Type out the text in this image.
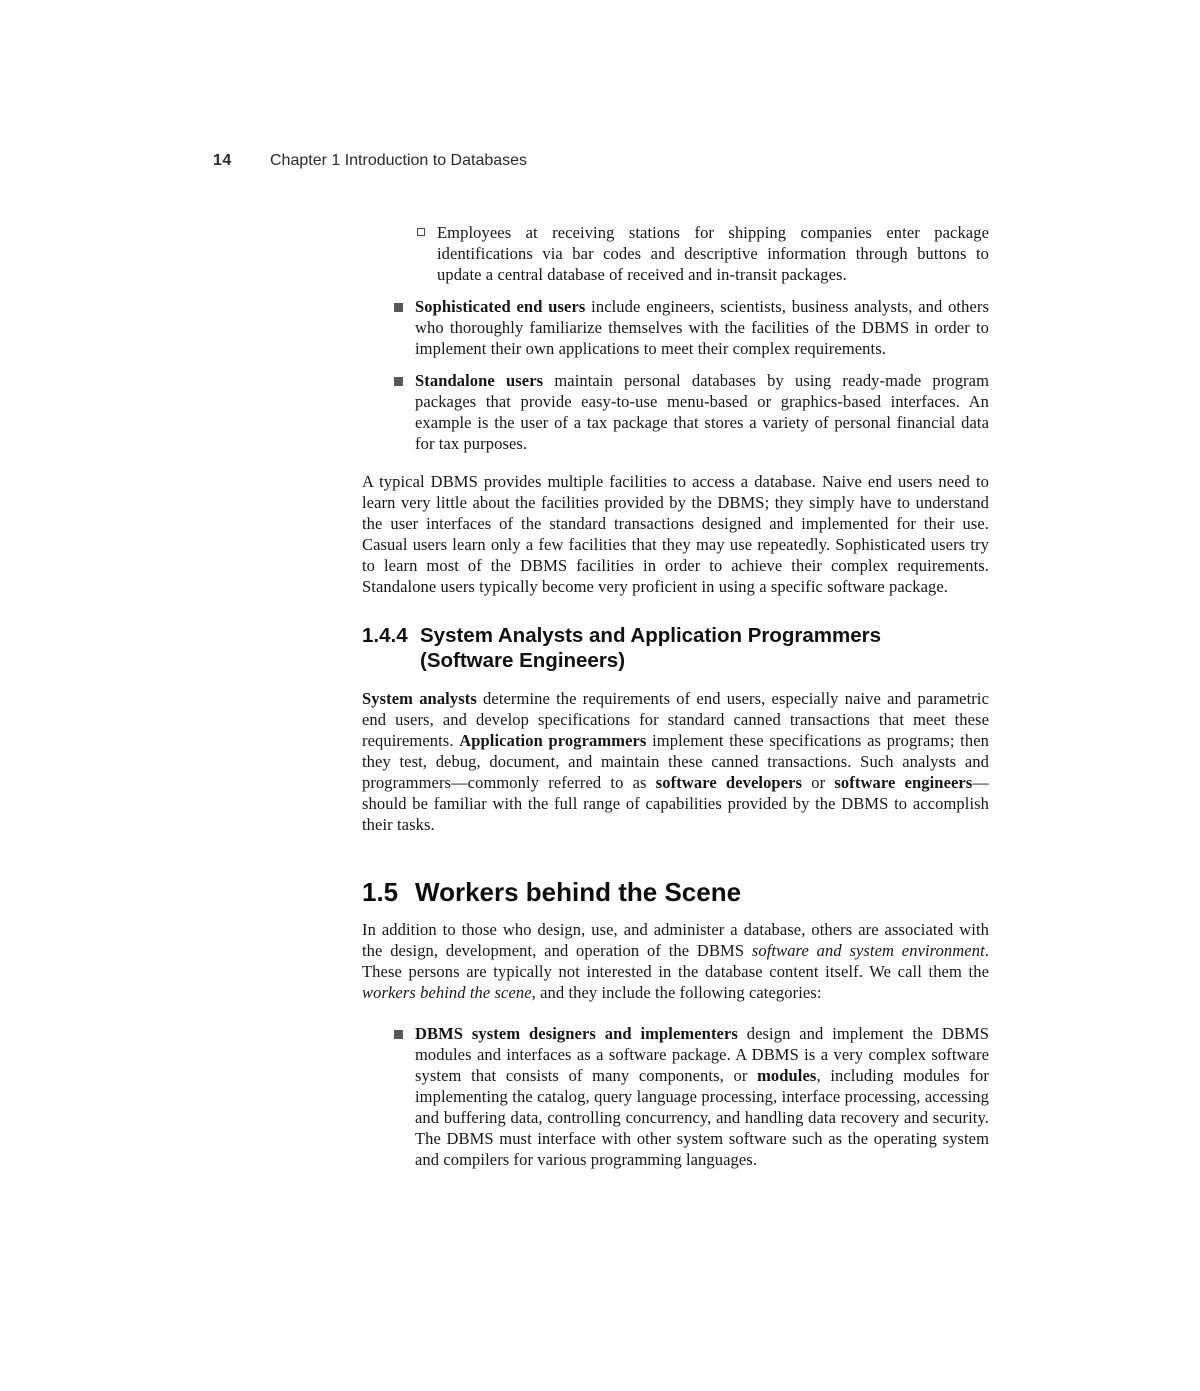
14 Chapter 1 Introduction to Databases
Employees at receiving stations for shipping companies enter package identifications via bar codes and descriptive information through buttons to update a central database of received and in-transit packages.
Sophisticated end users include engineers, scientists, business analysts, and others who thoroughly familiarize themselves with the facilities of the DBMS in order to implement their own applications to meet their complex requirements.
Standalone users maintain personal databases by using ready-made program packages that provide easy-to-use menu-based or graphics-based interfaces. An example is the user of a tax package that stores a variety of personal financial data for tax purposes.

A typical DBMS provides multiple facilities to access a database. Naive end users need to learn very little about the facilities provided by the DBMS; they simply have to understand the user interfaces of the standard transactions designed and implemented for their use. Casual users learn only a few facilities that they may use repeatedly. Sophisticated users try to learn most of the DBMS facilities in order to achieve their complex requirements. Standalone users typically become very proficient in using a specific software package.

1.4.4 System Analysts and Application Programmers
(Software Engineers)

System analysts determine the requirements of end users, especially naive and parametric end users, and develop specifications for standard canned transactions that meet these requirements. Application programmers implement these specifications as programs; then they test, debug, document, and maintain these canned transactions. Such analysts and programmers—commonly referred to as software developers or software engineers—should be familiar with the full range of capabilities provided by the DBMS to accomplish their tasks.

1.5 Workers behind the Scene

In addition to those who design, use, and administer a database, others are associated with the design, development, and operation of the DBMS software and system environment. These persons are typically not interested in the database content itself. We call them the workers behind the scene, and they include the following categories:

DBMS system designers and implementers design and implement the DBMS modules and interfaces as a software package. A DBMS is a very complex software system that consists of many components, or modules, including modules for implementing the catalog, query language processing, interface processing, accessing and buffering data, controlling concurrency, and handling data recovery and security. The DBMS must interface with other system software such as the operating system and compilers for various programming languages.
